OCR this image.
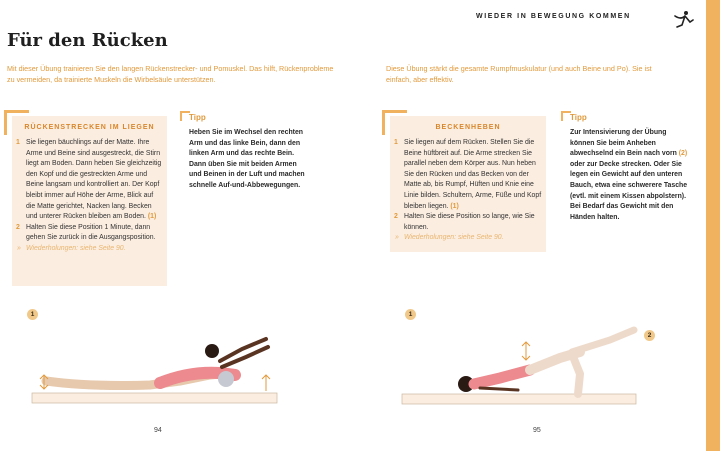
WIEDER IN BEWEGUNG KOMMEN
Für den Rücken
Mit dieser Übung trainieren Sie den langen Rückenstrecker- und Pomuskel. Das hilft, Rückenprobleme zu vermeiden, da trainierte Muskeln die Wirbelsäule unterstützen.
Diese Übung stärkt die gesamte Rumpfmuskulatur (und auch Beine und Po). Sie ist einfach, aber effektiv.
RÜCKENSTRECKEN IM LIEGEN
1 Sie liegen bäuchlings auf der Matte. Ihre Arme und Beine sind ausgestreckt, die Stirn liegt am Boden. Dann heben Sie gleichzeitig den Kopf und die gestreckten Arme und Beine langsam und kontrolliert an. Der Kopf bleibt immer auf Höhe der Arme, Blick auf die Matte gerichtet, Nacken lang. Becken und unterer Rücken bleiben am Boden. (1)
2 Halten Sie diese Position 1 Minute, dann gehen Sie zurück in die Ausgangsposition.
» Wiederholungen: siehe Seite 90.
Tipp
Heben Sie im Wechsel den rechten Arm und das linke Bein, dann den linken Arm und das rechte Bein. Dann üben Sie mit beiden Armen und Beinen in der Luft und machen schnelle Auf-und-Abbewegungen.
BECKENHEBEN
1 Sie liegen auf dem Rücken. Stellen Sie die Beine hüftbreit auf. Die Arme strecken Sie parallel neben dem Körper aus. Nun heben Sie den Rücken und das Becken von der Matte ab, bis Rumpf, Hüften und Knie eine Linie bilden. Schultern, Arme, Füße und Kopf bleiben liegen. (1)
2 Halten Sie diese Position so lange, wie Sie können.
» Wiederholungen: siehe Seite 90.
Tipp
Zur Intensivierung der Übung können Sie beim Anheben abwechselnd ein Bein nach vorn (2) oder zur Decke strecken. Oder Sie legen ein Gewicht auf den unteren Bauch, etwa eine schwerere Tasche (evtl. mit einem Kissen abpolstern). Bei Bedarf das Gewicht mit den Händen halten.
1	1
2
94	95
